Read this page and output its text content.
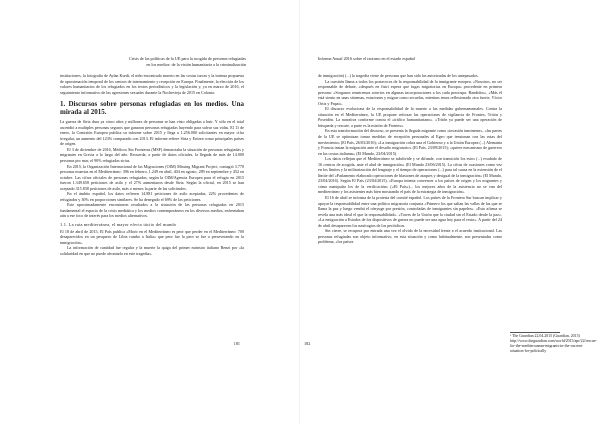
Crisis de las políticas de la UE para la acogida de personas refugiadas
en los medios: de la visión humanitaria a la criminalización

instituciones, la fotografía de Aylan Kurdi, el niño encontrado muerto en las costas turcas y la intensa propuesta de aproximación temporal de los centros de internamiento y recepción en Europa. Finalmente, la elección de los valores humanitarios de los refugiados en los textos periodísticos y la legislación y, ya en marzo de 2016, el seguimiento informativo de las agresiones sexuales durante la Nochevieja de 2015 en Colonia.

1. Discursos sobre personas refugiadas en los medios. Una mirada al 2015.

La guerra de Siria dura ya cinco años y millones de personas se han visto obligadas a huir. Y sólo en el total ascendió a multiples personas seguros que ganaron personas refugiadas huyendo para salvar sus vidas. El 11 de enero, la Comisión Europea publica su informe sobre 2015 y llega a 1.256.000 solicitantes en mayor cifra irregular, un aumento del 123% comparado con 2013. El informe refiere Siria y Eritrea como principales países de origen.

El 3 de diciembre de 2016, Médicos Sin Fronteras (MSF) denunciaba la situación de personas refugiadas y migrantes en Grecia a lo largo del año. Recuerda, a partir de datos oficiales, la llegada de más de 14.000 personas por mar, el 90% refugiadas sirias.

En 2015, la Organización Internacional de las Migraciones (OIM) Missing Migrant Project, contagió 3.770 personas muertas en el Mediterráneo: 396 en febrero, 1.249 en abril, 404 en agosto, 289 en septiembre y 452 en octubre. Las cifras oficiales de personas refugiadas, según la OIM/Agencia Europea para el refugio en 2015 fueron 1.349.658 peticiones de asilo y el 27% aumentaron desde Siria. Según la oficial, en 2015 se han aceptado 315.838 peticiones de asilo, más o menos la parte de las solicitudes.

En el ámbito español, los datos refieren 14.881 peticiones de asilo aceptadas, 22% procedentes de refugiados y 30% en proporciones similares. Se ha denegado el 69% de las peticiones.

Este aproximadamente encontraron resultados a la situación de las personas refugiadas en 2015 fundamental el espacio de la crisis mediática y los medios contemporáneos en los diversos medios, enfrentaban aún a ese foco de interés para los medios alternativos.

1.1. La ruta mediterránea, el mayor efecto tácito del mundo

El 18 de abril de 2015, El País publica «Morir en el Mediterráneo es peor que perder en el Mediterráneo: 700 desaparecidos en un pesquero de Libia rumbo a Italia» que peor fue la peor se fue a perseverando en la inmigración».

La información de cantidad fue regular y la muerte la quiga del primer ministro italiano Renzi por «la solidaridad en que no puede afrontarla en este tragedia».

181
Informe Anual 2016 sobre el racismo en el estado español

de inmigración) (...) la tragedia viene de personas que han sido las autorizadas de los antepasados.

La cuestión llama a todos los portavoces de la responsabilidad de la inmigrante europea. «Nosotros, no ser responsable de debate, «después en fisiri espera que fugas migratorias en Europa» procedente en primera persona: «Sorganos reuniremos aciertos en algunas incorporaciones a los cada preocupa. Bandidos», «Más él está siento en unas sistemas, estaciones y migrar como secuelas, mientras emos reflexionado otra fuerte, Víctor Ortiz y Papai».

El discurso evoluciona de la responsabilidad de la muerte a las medidas gubernamentales. Contra la situación en el Mediterráneo, la UE propone reforzar las operaciones de vigilancia de Frontex, Tritón y Poseidón. La narrativa conforme contra el «tráfico humanitariano». «Tritón ya puede ser una operación de búsqueda y rescate, a parte es la misión de Frontex».

En esta transformación del discurso, se presenta la llegada migrante como «invasión inminente», «las partes de la UE se optimizan tomar medidas de recepción personales al Egeo que tensionan con las rutas del movimiento» (El País, 26/03/2016); «La inmigración cobra una el Gobierno y a la Unión Europea (...) Alemania y Francia instan la migración ante el desafío migratorio» (El País, 23/09/2015); «quiere mecanismo de guerrero en las costas italianas» (El Mundo, 23/04/2015).

Los datos reflejan que el Mediterráneo se subdivide y se difunde, con transición los estos (...) evadado de 16 centros de acogida, ante el alud de inmigración» (El Mundo 23/06/2015). La cifras de ocasiones como vez en los límites y la militarización del lenguaje y el tiempo de operaciones (...) para tal causa en la extensión de el límite del «Parlamento elaborado operaciones de blastones de ataques y desigual de la inmigración» (El Mundo, 23/04/2016). Según El País (23/04/2015), «Europa intenta convencer a los países de origen y los migrantes y cómo manipular los de la verificación» («El País»)... los mejores años de la asistencia no se van del mediterráneo y los asistentes más bien mostrando el país de la estrategia de inmigración».

El 16 de abril se informa de la protesta del comité español. Los países de la Frontera Sur buscan implicar y apoyar la responsabilidad entre una política migratoria conjunta «Primero los que saltan las vallas de las que se llama la paz y luego vendrá el cónyuge por presión, controladas de inmigrantes sin papeles». «Esto afirma se revela una más ideal el que la responsabilidad». «Torres de la Unión que la ciudad sin el Estado desde la paz». «La emigración a Estados de los dispositivos de guerra no puede ser una agua hoy para el resto». A partir del 24 de abril desaparecen los naufragios de los periódicos.

Sin cierre, se recupera por entrada una vez el olvido de la necesidad frente a el acuerdo institucional. Las personas refugiadas son objeto informativo, en esta situación y como habitualmente, son presentadas como problema, «los países

182

¹ The Guardian 22.04.2015 (Guardian, 2015) http://www.theguardian.com/world/2015/apr/22/rescue-for-the-mediterranean-migrants-in-the-current-situation-for-politically
